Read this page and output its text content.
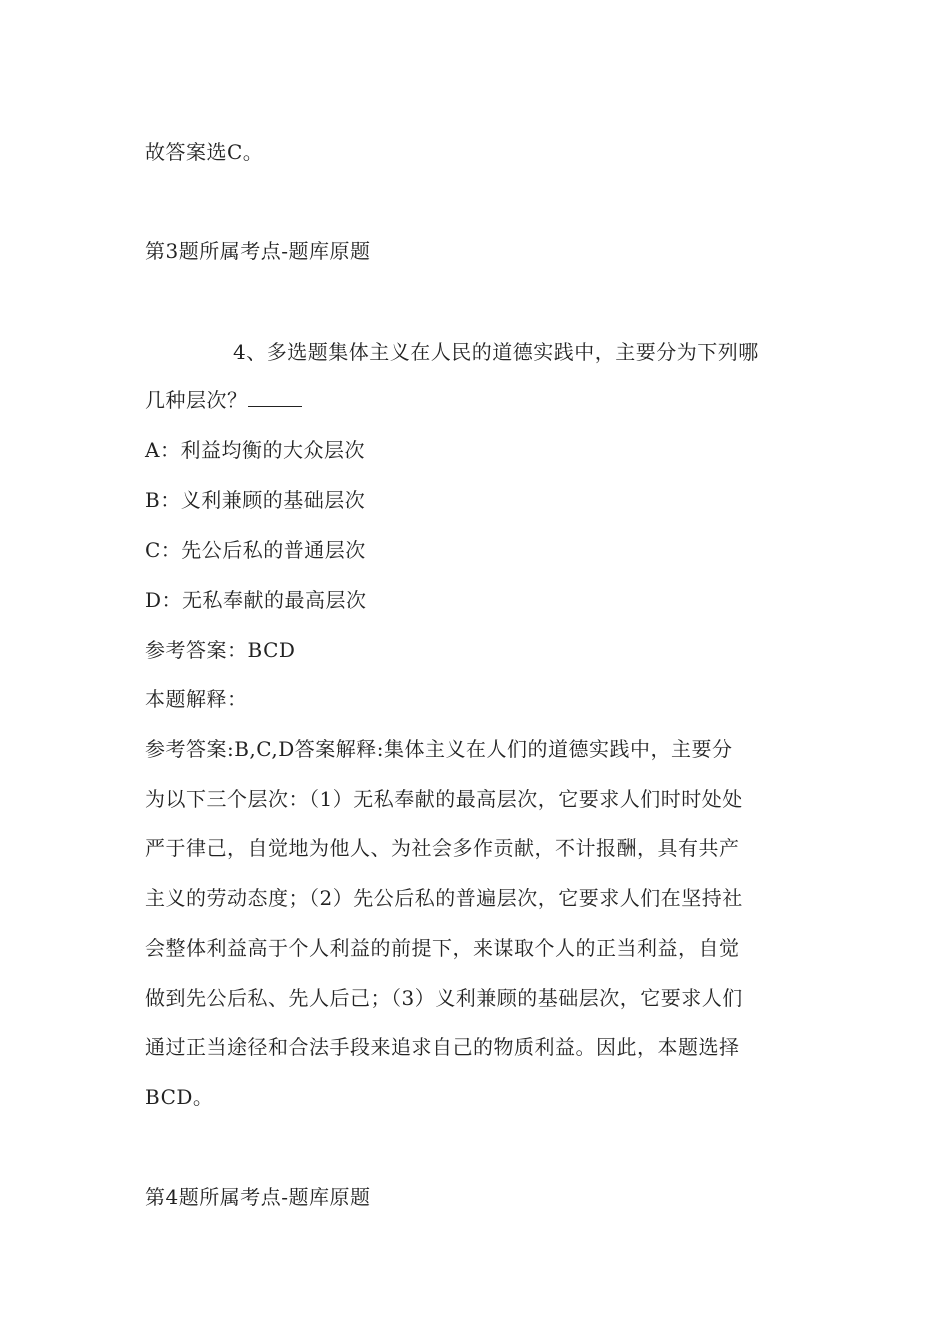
故答案选C。
第3题所属考点-题库原题
4、多选题集体主义在人民的道德实践中，主要分为下列哪
几种层次？
A：利益均衡的大众层次
B：义利兼顾的基础层次
C：先公后私的普通层次
D：无私奉献的最高层次
参考答案：BCD
本题解释：
参考答案:B,C,D答案解释:集体主义在人们的道德实践中，主要分
为以下三个层次：（1）无私奉献的最高层次，它要求人们时时处处
严于律己，自觉地为他人、为社会多作贡献，不计报酬，具有共产
主义的劳动态度；（2）先公后私的普遍层次，它要求人们在坚持社
会整体利益高于个人利益的前提下，来谋取个人的正当利益，自觉
做到先公后私、先人后己；（3）义利兼顾的基础层次，它要求人们
通过正当途径和合法手段来追求自己的物质利益。因此，本题选择
BCD。
第4题所属考点-题库原题
